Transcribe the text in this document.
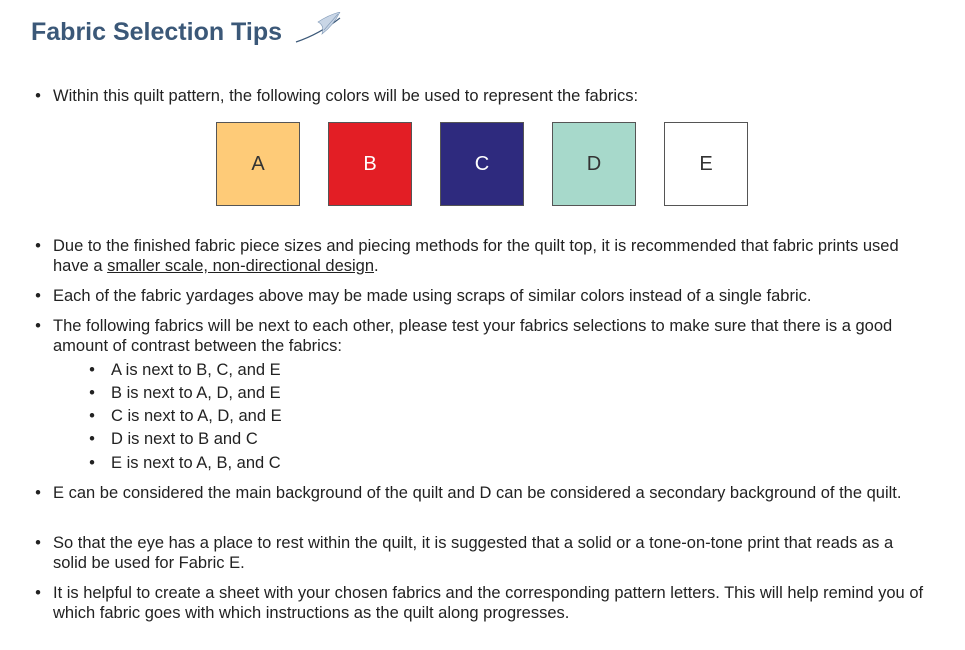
Fabric Selection Tips
• Within this quilt pattern, the following colors will be used to represent the fabrics:
A	B	C	D	E
• Due to the finished fabric piece sizes and piecing methods for the quilt top, it is recommended that fabric prints used have a smaller scale, non-directional design.
• Each of the fabric yardages above may be made using scraps of similar colors instead of a single fabric.
• The following fabrics will be next to each other, please test your fabrics selections to make sure that there is a good amount of contrast between the fabrics:
• A is next to B, C, and E
• B is next to A, D, and E
• C is next to A, D, and E
• D is next to B and C
• E is next to A, B, and C
• E can be considered the main background of the quilt and D can be considered a secondary background of the quilt.
• So that the eye has a place to rest within the quilt, it is suggested that a solid or a tone-on-tone print that reads as a solid be used for Fabric E.
• It is helpful to create a sheet with your chosen fabrics and the corresponding pattern letters. This will help remind you of which fabric goes with which instructions as the quilt along progresses.
